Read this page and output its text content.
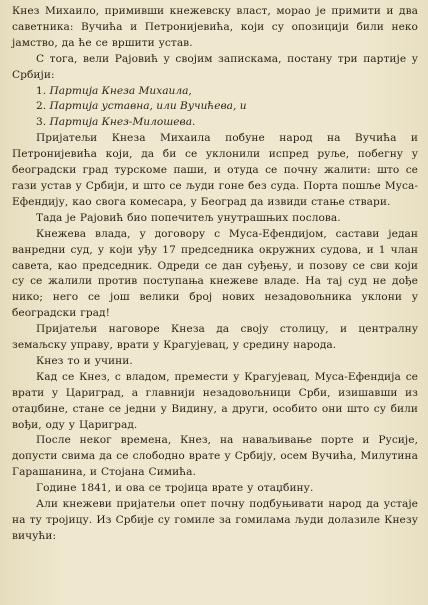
Кнез Михаило, примивши кнежевску власт, морао је примити и два саветника: Вучића и Петронијевића, који су опозицији били неко јамство, да ће се вршити устав.

С тога, вели Рајовић у својим запискама, постану три партије у Србији:

1. Партија Кнеза Михаила,
2. Партија уставна, или Вучићева, и
3. Партија Кнез-Милошева.

Пријатељи Кнеза Михаила побуне народ на Вучића и Петронијевића који, да би се уклонили испред руље, побегну у београдски град турскоме паши, и отуда се почну жалити: што се гази устав у Србији, и што се људи гоне без суда. Порта пошље Муса-Ефендију, као свога комесара, у Београд да извиди стање ствари.

Тада је Рајовић био попечитељ унутрашњих послова.

Кнежева влада, у договору с Муса-Ефендијом, састави један ванредни суд, у који уђу 17 председника окружних судова, и 1 члан савета, као председник. Одреди се дан суђењу, и позову се сви који су се жалили против поступања кнежеве владе. На тај суд не дође нико; него се још велики број нових незадовољника уклони у београдски град!

Пријатељи наговоре Кнеза да своју столицу, и централну земаљску управу, врати у Крагујевац, у средину народа.

Кнез то и учини.

Кад се Кнез, с владом, премести у Крагујевац, Муса-Ефендија се врати у Цариград, а главнији незадовољници Срби, изишавши из отаџбине, стане се једни у Видину, а други, особито они што су били вођи, оду у Цариград.

После неког времена, Кнез, на наваљивање порте и Русије, допусти свима да се слободно врате у Србију, осем Вучића, Милутина Гарашанина, и Стојана Симића.

Године 1841, и ова се тројица врате у отаџбину.

Али кнежеви пријатељи опет почну подбуњивати народ да устаје на ту тројицу. Из Србије су гомиле за гомилама људи долазиле Кнезу вичући:
